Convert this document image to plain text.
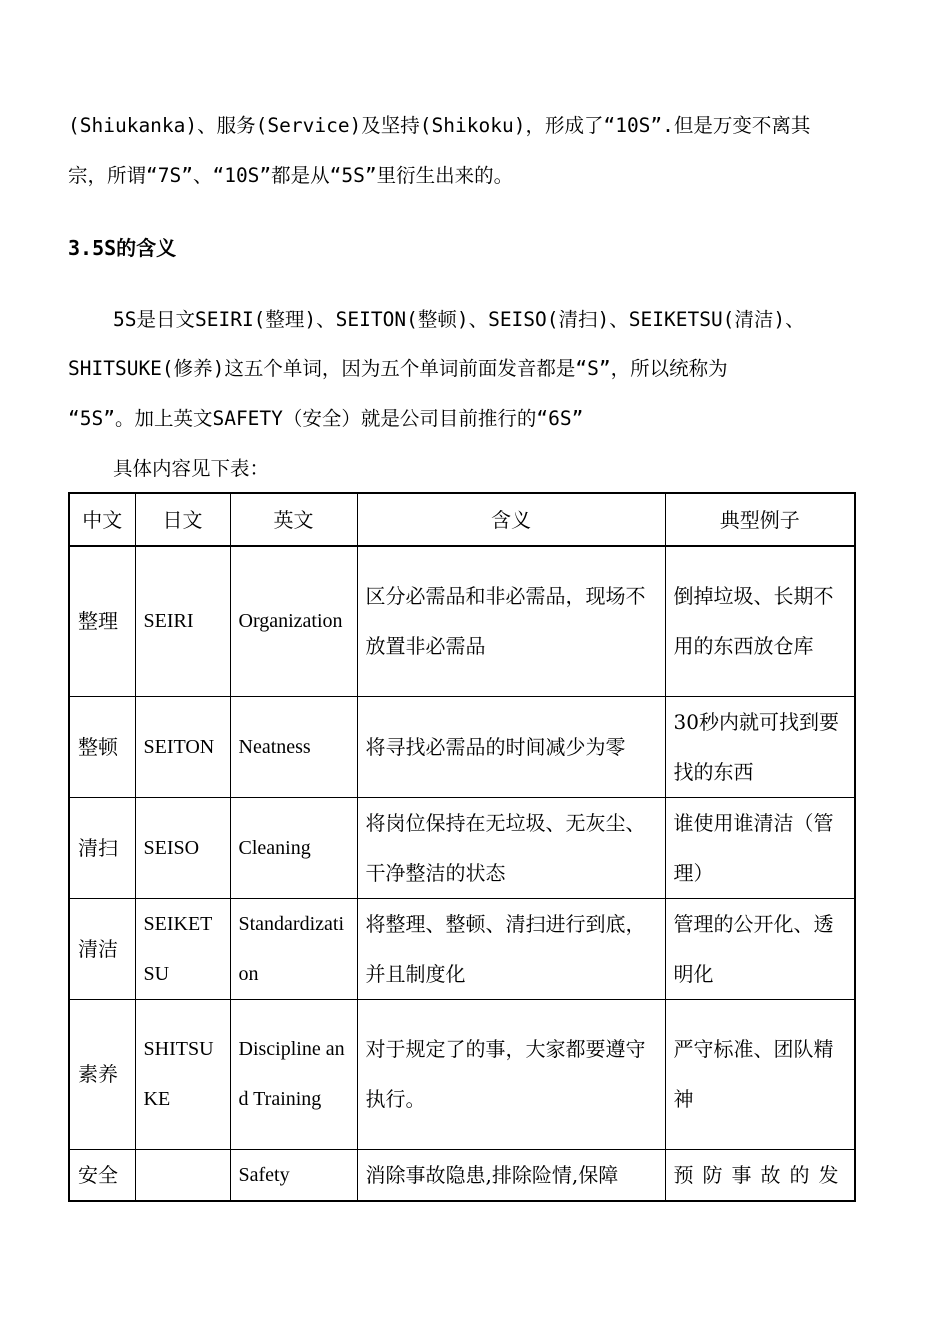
(Shiukanka)、服务(Service)及坚持(Shikoku)，形成了“10S”.但是万变不离其
宗，所谓“7S”、“10S”都是从“5S”里衍生出来的。
3.5S的含义
5S是日文SEIRI(整理)、SEITON(整顿)、SEISO(清扫)、SEIKETSU(清洁)、
SHITSUKE(修养)这五个单词，因为五个单词前面发音都是“S”，所以统称为
“5S”。加上英文SAFETY（安全）就是公司目前推行的“6S”
具体内容见下表：
中文	日文	英文	含义	典型例子
整理	SEIRI	Organization	区分必需品和非必需品，现场不放置非必需品	倒掉垃圾、长期不用的东西放仓库
整顿	SEITON	Neatness	将寻找必需品的时间减少为零	30秒内就可找到要找的东西
清扫	SEISO	Cleaning	将岗位保持在无垃圾、无灰尘、干净整洁的状态	谁使用谁清洁（管理）
清洁	SEIKETSU	Standardization	将整理、整顿、清扫进行到底，并且制度化	管理的公开化、透明化
素养	SHITSUKE	Discipline and Training	对于规定了的事，大家都要遵守执行。	严守标准、团队精神
安全		Safety	消除事故隐患,排除险情,保障	预防事故的发
